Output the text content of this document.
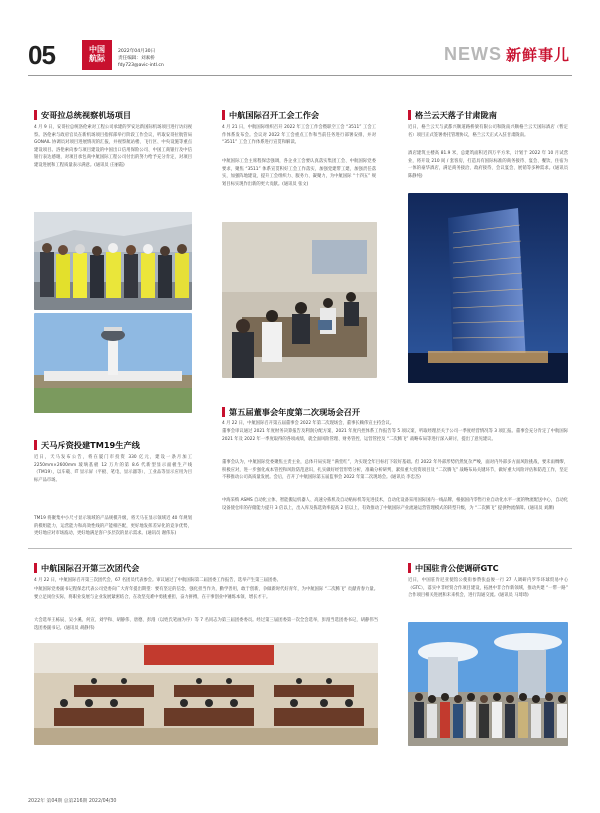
05	中国
航际
2022年04月30日
责任编辑：刘素桥
fdy723@avic-intl.cn
NEWS 新鲜事儿
安哥拉总统视察机场项目
4 月 9 日，安哥拉总统洛伦索对工程公司承建的罗安达新国际机场项目进行访问视察。洛伦索与政府官员在新机场项目指挥部举行阶段工作会议，听取安哥拉航管局 GONAIL 协调员对项目进展情况的汇报，并视察航站楼、飞行区、中央设施等重点建设项目。洛伦索向参与项目建设的中国出口信用保险公司、中国工商银行及中信银行表达感谢，对项目承包商中航国际工程公司付出的努力给予充分肯定，对项目建设进展和工程质量表示满意。(通讯员 庄丽霞)
天马斥资投建TM19生产线
近日，天马发布公告，将在厦门市投资 330 亿元，建设一条月加工 2250mm×2600mm 玻璃基板 12 万片的第 8.6 代新型显示面板生产线（TM19），以车载、IT 显示屏（平板、笔电、显示器等）、工业品等显示应用为目标产品市场。
TM19 将聚集中小尺寸显示领域的产品规模升级，将天马在显示领域近 40 年规划的模组能力，运营能力和高效性线的产能相匹配，更好地发挥差异化的竞争优势，更好地应对市场波动，更好地满足客户多层次的显示需求。(通讯员 谢伟东)
中航国际召开工会工作会
4 月 21 日，中航国际组织召开 2022 年工会工作会暨职空工会 “3511” 工会工作体系发布会。会议对 2022 年工会重点工作和当前任务进行部署安排，并对 “3511” 工会工作体系进行宣贯和解读。
中航国际工会主席程保忠强调，各企业工会要认真落实集团工会、中航国际党委要求，聚焦 “3511” 体系宣贯积好工会工作落实，加强党建带工建，加强责任落实，加强阵地建设，提升工会组织力、服务力、凝聚力，为中航国际 “十四五” 规划目标实现作出新的更大贡献。(通讯员 张文)
格兰云天落子甘肃陇南
近日，格兰云天与武都兴顺道路桥梁有限公司和陇南兴顺格兰云天国际酒店（暂定名）项目正式签署委托管理协议，格兰云天正式入驻甘肃陇南。
酒店建筑主楼高 81.9 米，总建筑面积近四万平方米，计划于 2022 年 10 月试营业，将开设 210 间 / 套客房，打造具有国际标准的商务接待、宴会、餐饮、住宿为一体的豪华酒店，满足商务接洽、政府接待、会议宴会、展销等多种需求。(通讯员 陈静纯)
第五届董事会年度第二次现场会召开
4 月 22 日，中航国际召开第五届董事会 2022 年第二次现场会，董事长赖伟宣主持会议。
董事会审议通过 2021 年度财务决算报告及利润分配方案、2021 年度内控体系工作报告等 5 项议案，听取经理层关于公司一季度经营情况等 3 项汇报。董事会充分肯定了中航国际 2021 年及 2022 年一季度取得的各项成绩，就全面风险管理、财务管控、运营管控及 “二次腾飞” 战略布局等进行深入研讨，提出了意见建议。
董事会认为，中航国际党委聚焦主责主业，总体开局实现 “满堂红”，为实现全年目标打下较好基础。但 2022 年外部形势仍然复杂严峻，面对内外部多方面风险挑战，要未雨绸缪，积极应对，进一步强化成本管控和风险防范意识，扎实做好经营形势分析，准确分析研判，紧扣重大投资项目及 “二次腾飞” 战略布局关键环节，做好重大风险评估和防范工作，坚定不移推动公司高质量发展。会后，召开了中航国际第五届监事会 2022 年第二次现场会。(通讯员 李忠杰)
中海采购 ASMS 自动化立体、智能搬运机器人、高速分拣机及自动贴标机等先进技术，自动化设备采用国际国内一线品牌，根据国内零售行业自动化水平一流的物流配送中心，自动化设备使仓库的存储能力提升 3 倍以上，出入库及拣选效率提高 2 倍以上，有效推动了中航国际产业流通运营管理模式的转型升级，为 “二次腾飞” 提供物流保障。(通讯员 刘渊)
中航国际召开第三次团代会
4 月 22 日，中航国际召开第三次团代会，67 名团员代表参会。审议通过了中航国际第二届团委工作报告，选举产生第三届团委。
中航国际党委副书记程保忠代表公司党委向广大青年提出期望：要有坚定的信念，强化担当作为，勤学善用，敢于创新，争做新时代好青年，为中航国际 “二次腾飞” 贡献青春力量。要立足岗位实际，将职业发展与企业发展紧密结合，在攻坚克难中勇挑重担，奋力拼搏，在干事创业中锤炼本领、增长才干。
大会选举王栋辰、吴小溪、何宣、刘学和、胡静伟、唐德、彭漫（以姓氏笔画为序）等 7 名同志为第三届团委委员。经过第三届团委第一次全会选举，彭漫当选团委书记，胡静伟当选团委副书记。(通讯员 胡静伟)
中国驻肯公使调研GTC
近日，中国驻肯尼亚使馆公使衔参赞张益俊一行 27 人调研内罗毕环球贸易中心（GTC），落实中非经贸合作项目建设，拓展中非合作新领域，推动共建 “一带一路” 合作项目相关进展和未来机会，进行沟通交流。(通讯员 马琦琦)
2022年 第04期 总第216期 2022/04/30
